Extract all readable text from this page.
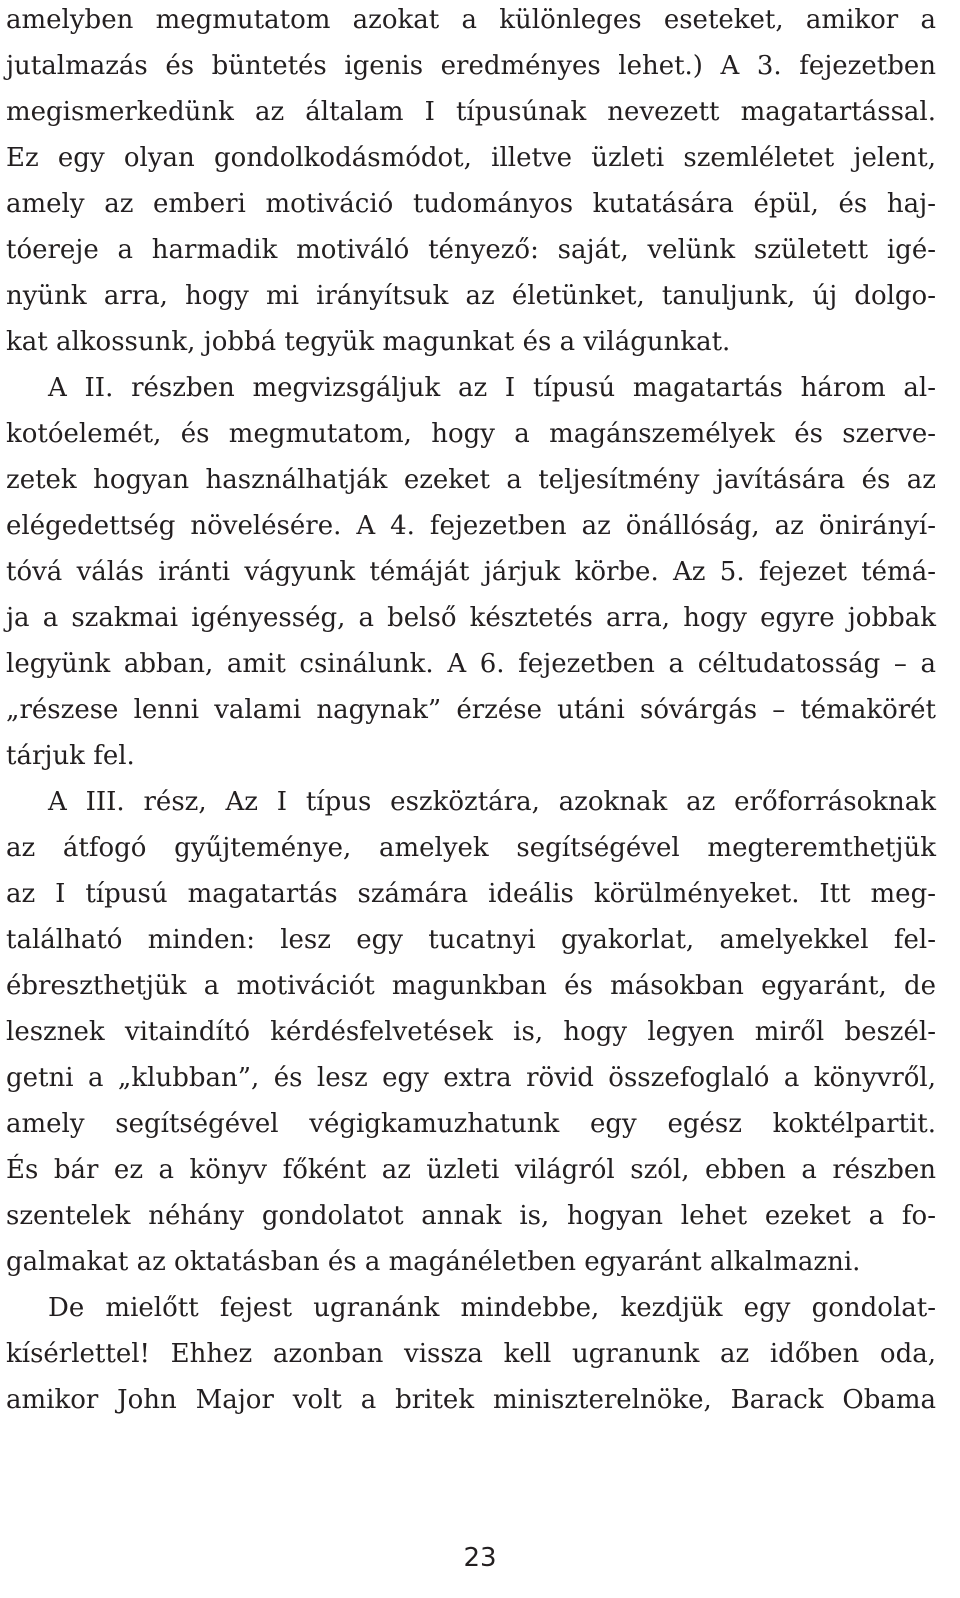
amelyben megmutatom azokat a különleges eseteket, amikor a
jutalmazás és büntetés igenis eredményes lehet.) A 3. fejezetben
megismerkedünk az általam I típusúnak nevezett magatartással.
Ez egy olyan gondolkodásmódot, illetve üzleti szemléletet jelent,
amely az emberi motiváció tudományos kutatására épül, és haj-
tóereje a harmadik motiváló tényező: saját, velünk született igé-
nyünk arra, hogy mi irányítsuk az életünket, tanuljunk, új dolgo-
kat alkossunk, jobbá tegyük magunkat és a világunkat.
A II. részben megvizsgáljuk az I típusú magatartás három al-
kotóelemét, és megmutatom, hogy a magánszemélyek és szerve-
zetek hogyan használhatják ezeket a teljesítmény javítására és az
elégedettség növelésére. A 4. fejezetben az önállóság, az önirányí-
tóvá válás iránti vágyunk témáját járjuk körbe. Az 5. fejezet témá-
ja a szakmai igényesség, a belső késztetés arra, hogy egyre jobbak
legyünk abban, amit csinálunk. A 6. fejezetben a céltudatosság – a
„részese lenni valami nagynak” érzése utáni sóvárgás – témakörét
tárjuk fel.
A III. rész, Az I típus eszköztára, azoknak az erőforrásoknak
az átfogó gyűjteménye, amelyek segítségével megteremthetjük
az I típusú magatartás számára ideális körülményeket. Itt meg-
található minden: lesz egy tucatnyi gyakorlat, amelyekkel fel-
ébreszthetjük a motivációt magunkban és másokban egyaránt, de
lesznek vitaindító kérdésfelvetések is, hogy legyen miről beszél-
getni a „klubban”, és lesz egy extra rövid összefoglaló a könyvről,
amely segítségével végigkamuzhatunk egy egész koktélpartit.
És bár ez a könyv főként az üzleti világról szól, ebben a részben
szentelek néhány gondolatot annak is, hogyan lehet ezeket a fo-
galmakat az oktatásban és a magánéletben egyaránt alkalmazni.
De mielőtt fejest ugranánk mindebbe, kezdjük egy gondolat-
kísérlettel! Ehhez azonban vissza kell ugranunk az időben oda,
amikor John Major volt a britek miniszterelnöke, Barack Obama
23
